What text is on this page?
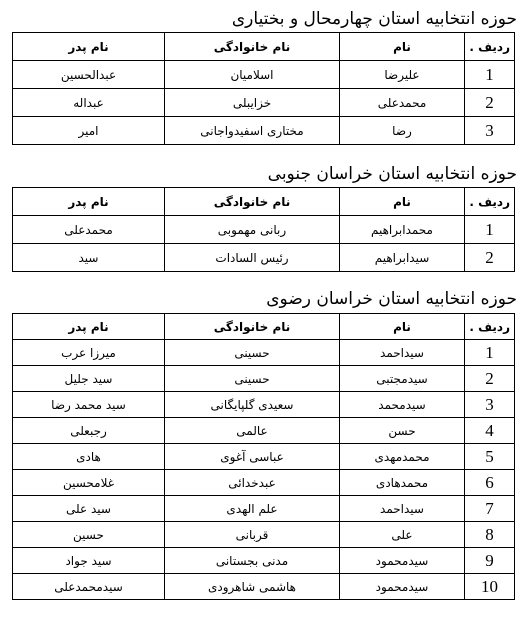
حوزه انتخابیه استان چهارمحال و بختیاری
ردیف .	نام	نام خانوادگی	نام پدر
1	علیرضا	اسلامیان	عبدالحسین
2	محمدعلی	خزایبلی	عبداله
3	رضا	مختاری اسفیدواجانی	امیر
حوزه انتخابیه استان خراسان جنوبی
ردیف .	نام	نام خانوادگی	نام پدر
1	محمدابراهیم	ربانی مهموبی	محمدعلی
2	سیدابراهیم	رئیس السادات	سید
حوزه انتخابیه استان خراسان رضوی
ردیف .	نام	نام خانوادگی	نام پدر
1	سیداحمد	حسینی	میرزا عرب
2	سیدمجتبی	حسینی	سید جلیل
3	سیدمحمد	سعیدی گلپایگانی	سید محمد رضا
4	حسن	عالمی	رجبعلی
5	محمدمهدی	عباسی آغوی	هادی
6	محمدهادی	عبدخدائی	غلامحسین
7	سیداحمد	علم الهدی	سید علی
8	علی	قربانی	حسین
9	سیدمحمود	مدنی بجستانی	سید جواد
10	سیدمحمود	هاشمی شاهرودی	سیدمحمدعلی
